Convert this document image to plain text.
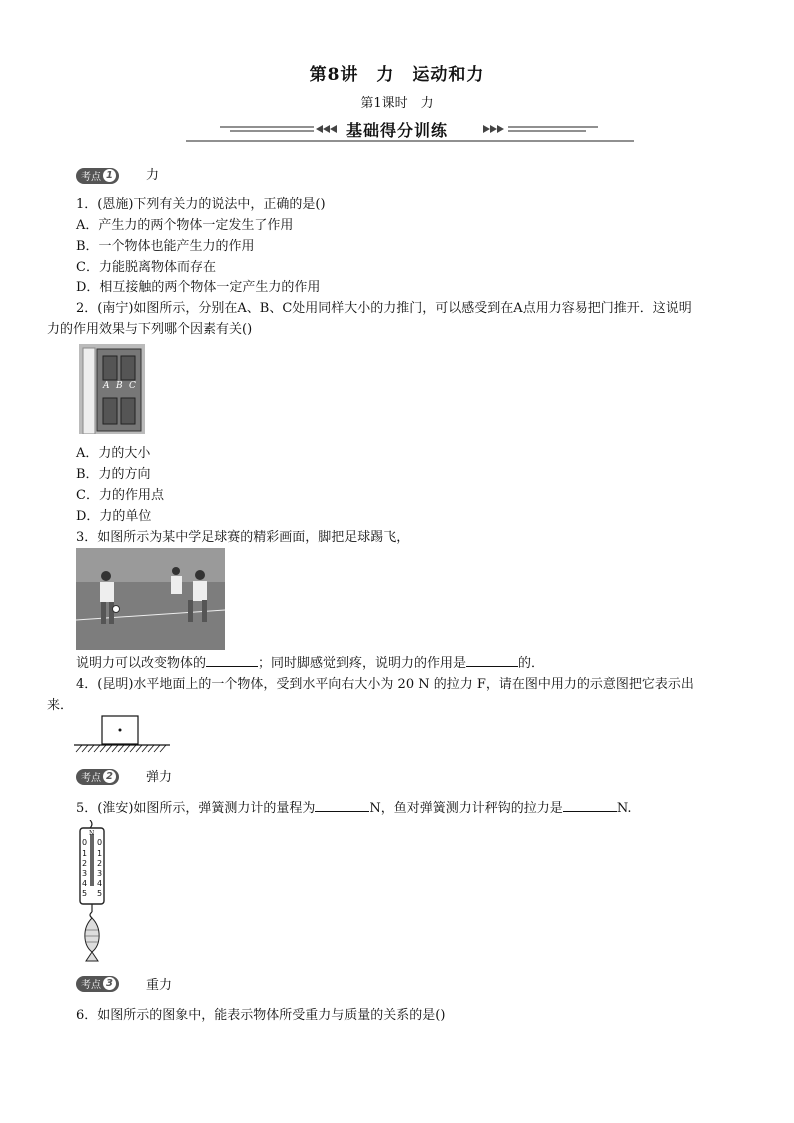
第8讲　力　运动和力
第1课时　力
基础得分训练
考点 1	力
1．(恩施)下列有关力的说法中，正确的是()
A．产生力的两个物体一定发生了作用
B．一个物体也能产生力的作用
C．力能脱离物体而存在
D．相互接触的两个物体一定产生力的作用
2．(南宁)如图所示，分别在A、B、C处用同样大小的力推门，可以感受到在A点用力容易把门推开．这说明
力的作用效果与下列哪个因素有关()
A B C
A．力的大小
B．力的方向
C．力的作用点
D．力的单位
3．如图所示为某中学足球赛的精彩画面，脚把足球踢飞，
说明力可以改变物体的	；同时脚感觉到疼，说明力的作用是	的．
4．(昆明)水平地面上的一个物体，受到水平向右大小为 20 N 的拉力 F，请在图中用力的示意图把它表示出
来．
考点 2	弹力
5．(淮安)如图所示，弹簧测力计的量程为	N，鱼对弹簧测力计秤钩的拉力是	N.
N
0
1
2
3
4
5
0
1
2
3
4
5
考点 3	重力
6．如图所示的图象中，能表示物体所受重力与质量的关系的是()
